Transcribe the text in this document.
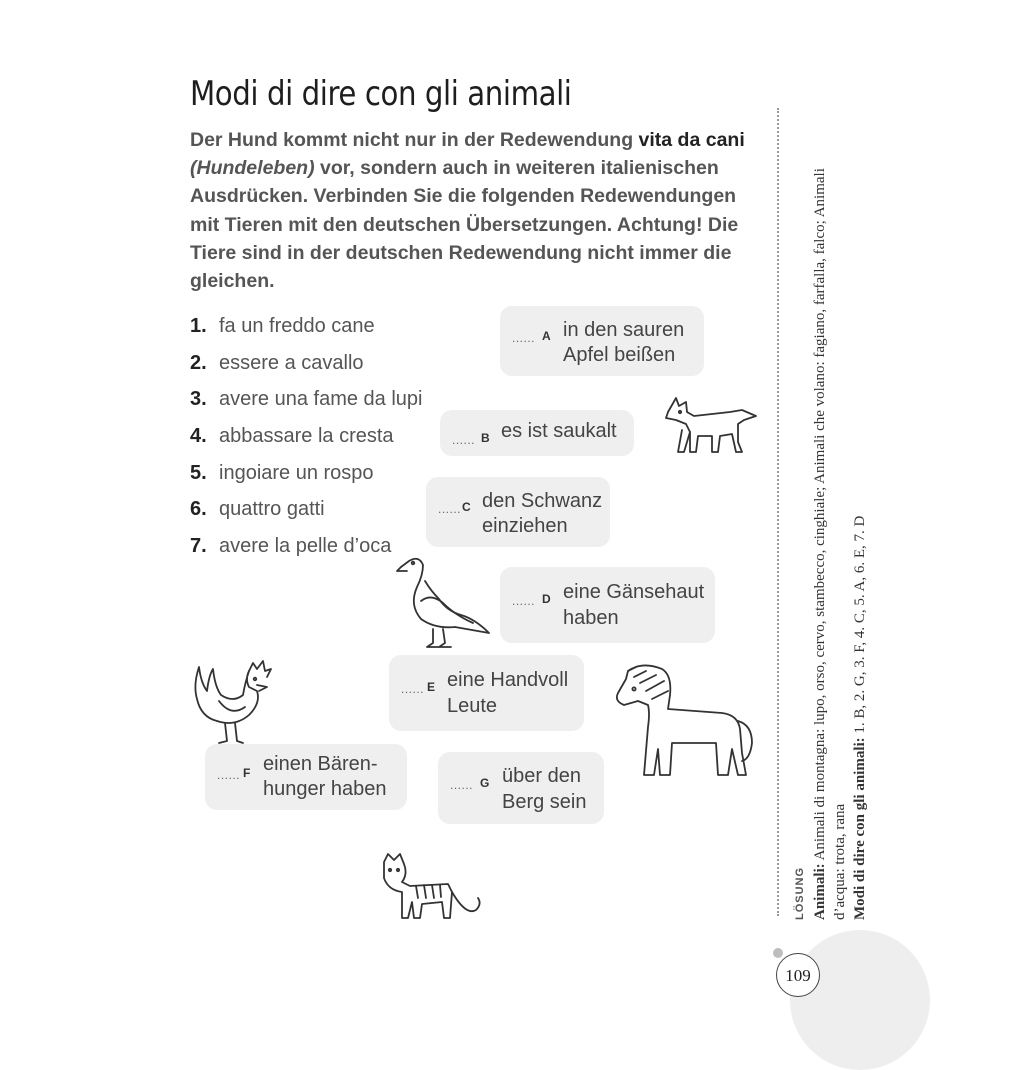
Modi di dire con gli animali
Der Hund kommt nicht nur in der Redewendung vita da cani (Hundeleben) vor, sondern auch in weiteren italienischen Ausdrücken. Verbinden Sie die folgenden Redewendungen mit Tieren mit den deutschen Übersetzungen. Achtung! Die Tiere sind in der deutschen Redewendung nicht immer die gleichen.
1. fa un freddo cane
2. essere a cavallo
3. avere una fame da lupi
4. abbassare la cresta
5. ingoiare un rospo
6. quattro gatti
7. avere la pelle d’oca
...... A in den sauren
Apfel beißen
...... B es ist saukalt
...... C den Schwanz
einziehen
...... D eine Gänsehaut
haben
...... E eine Handvoll
Leute
...... F einen Bären-
hunger haben	...... G über den
Berg sein
LÖSUNG Animali: Animali di montagna: lupo, orso, cervo, stambecco, cinghiale; Animali che volano: fagiano, farfalla, falco; Animali d’acqua: trota, rana Modi di dire con gli animali: 1. B, 2. G, 3. F, 4. C, 5. A, 6. E, 7. D
109
